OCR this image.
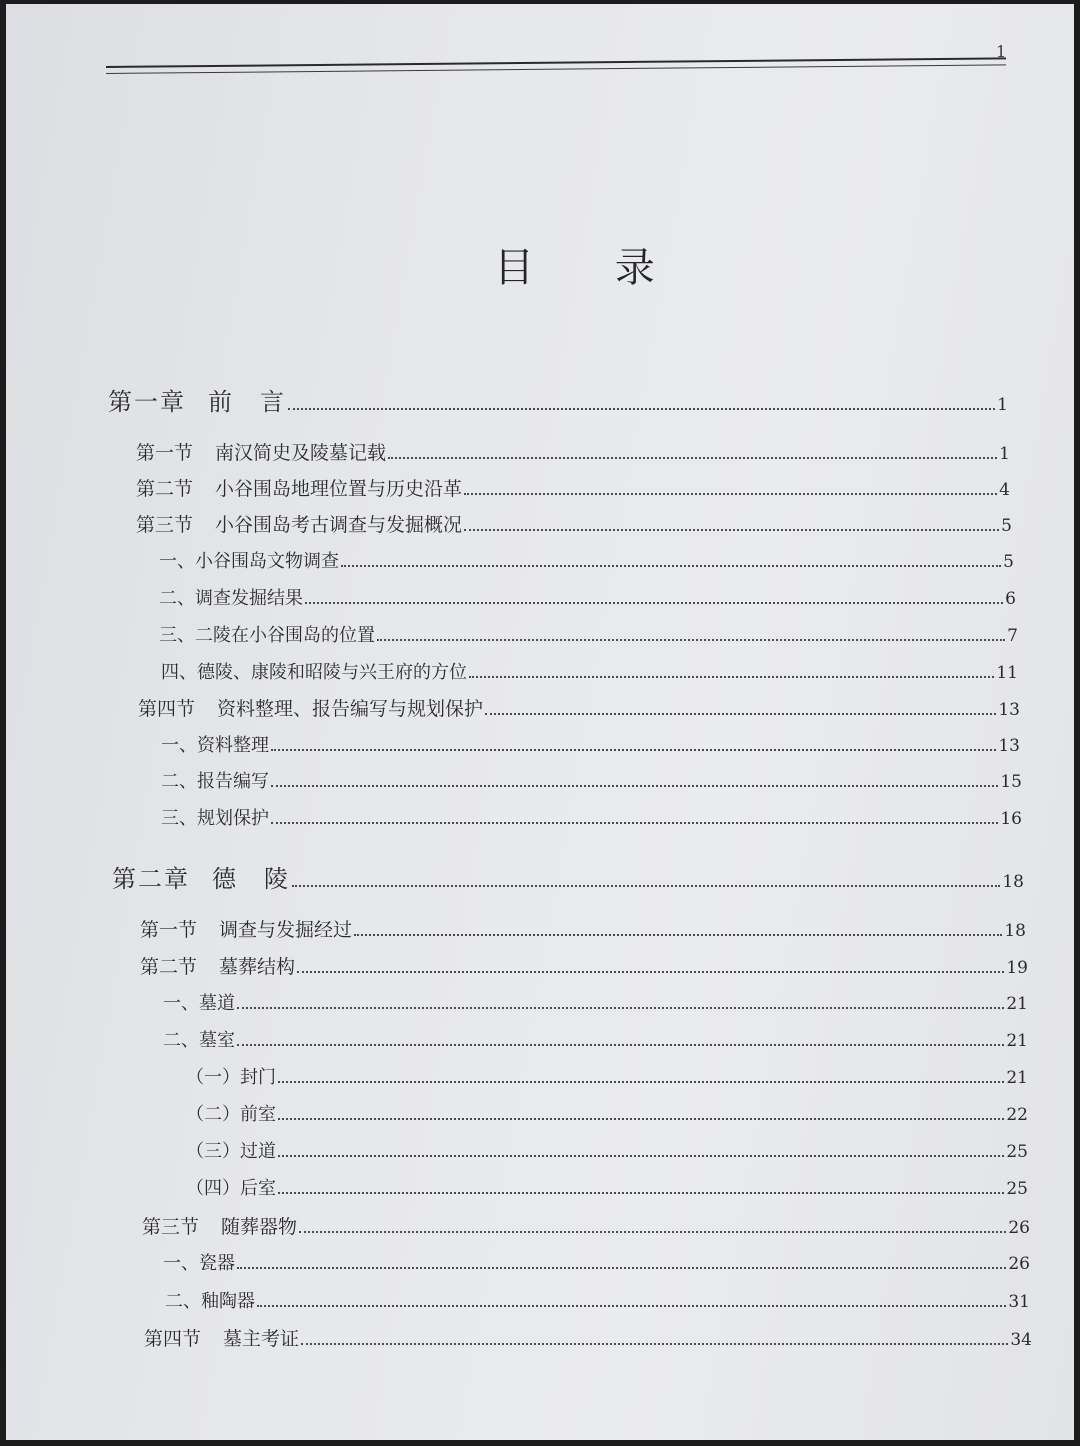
1
目 录
第一章 前　言	1
第一节 南汉简史及陵墓记载	1
第二节 小谷围岛地理位置与历史沿革	4
第三节 小谷围岛考古调查与发掘概况	5
一、小谷围岛文物调查	5
二、调查发掘结果	6
三、二陵在小谷围岛的位置	7
四、德陵、康陵和昭陵与兴王府的方位	11
第四节 资料整理、报告编写与规划保护	13
一、资料整理	13
二、报告编写	15
三、规划保护	16
第二章 德　陵	18
第一节 调查与发掘经过	18
第二节 墓葬结构	19
一、墓道	21
二、墓室	21
（一）封门	21
（二）前室	22
（三）过道	25
（四）后室	25
第三节 随葬器物	26
一、瓷器	26
二、釉陶器	31
第四节 墓主考证	34
